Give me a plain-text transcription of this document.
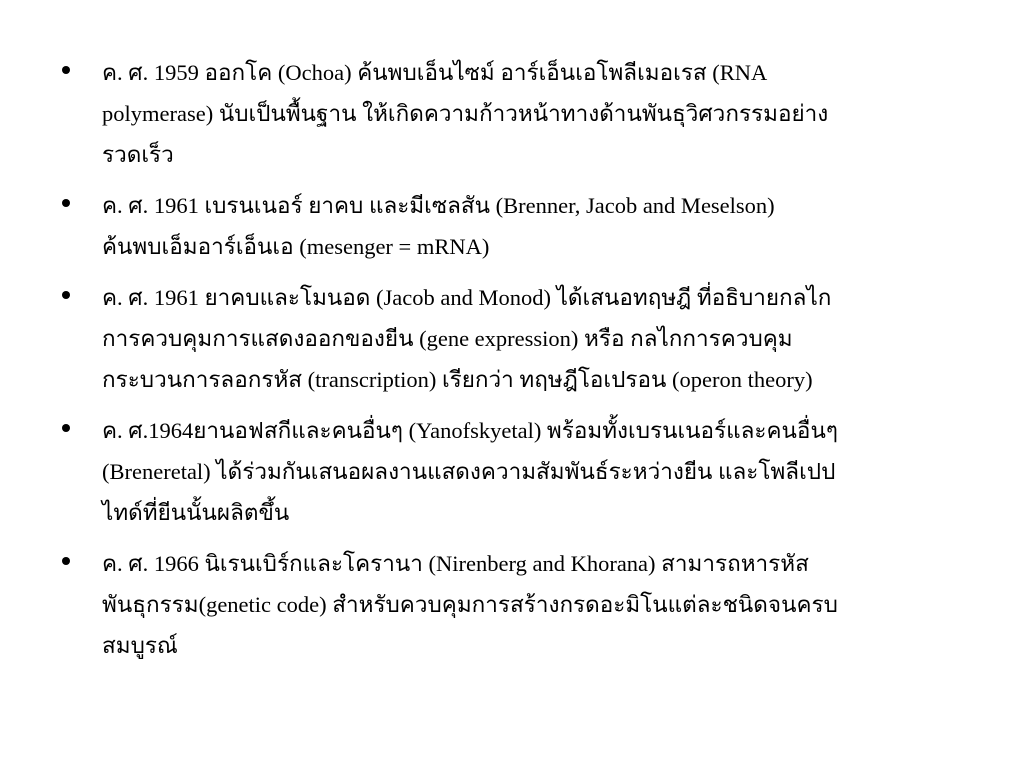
ค. ศ. 1959 ออกโค (Ochoa) ค้นพบเอ็นไซม์ อาร์เอ็นเอโพลีเมอเรส (RNA
polymerase) นับเป็นพื้นฐาน ให้เกิดความก้าวหน้าทางด้านพันธุวิศวกรรมอย่าง
รวดเร็ว
ค. ศ. 1961 เบรนเนอร์ ยาคบ และมีเซลสัน (Brenner, Jacob and Meselson)
ค้นพบเอ็มอาร์เอ็นเอ (mesenger = mRNA)
ค. ศ. 1961 ยาคบและโมนอด (Jacob and Monod) ได้เสนอทฤษฎี ที่อธิบายกลไก
การควบคุมการแสดงออกของยีน (gene expression) หรือ กลไกการควบคุม
กระบวนการลอกรหัส (transcription) เรียกว่า ทฤษฎีโอเปรอน (operon theory)
ค. ศ.1964ยานอฟสกีและคนอื่นๆ (Yanofskyetal) พร้อมทั้งเบรนเนอร์และคนอื่นๆ
(Breneretal) ได้ร่วมกันเสนอผลงานแสดงความสัมพันธ์ระหว่างยีน และโพลีเปป
ไทด์ที่ยีนนั้นผลิตขึ้น
ค. ศ. 1966 นิเรนเบิร์กและโครานา (Nirenberg and Khorana) สามารถหารหัส
พันธุกรรม(genetic code) สำหรับควบคุมการสร้างกรดอะมิโนแต่ละชนิดจนครบ
สมบูรณ์
